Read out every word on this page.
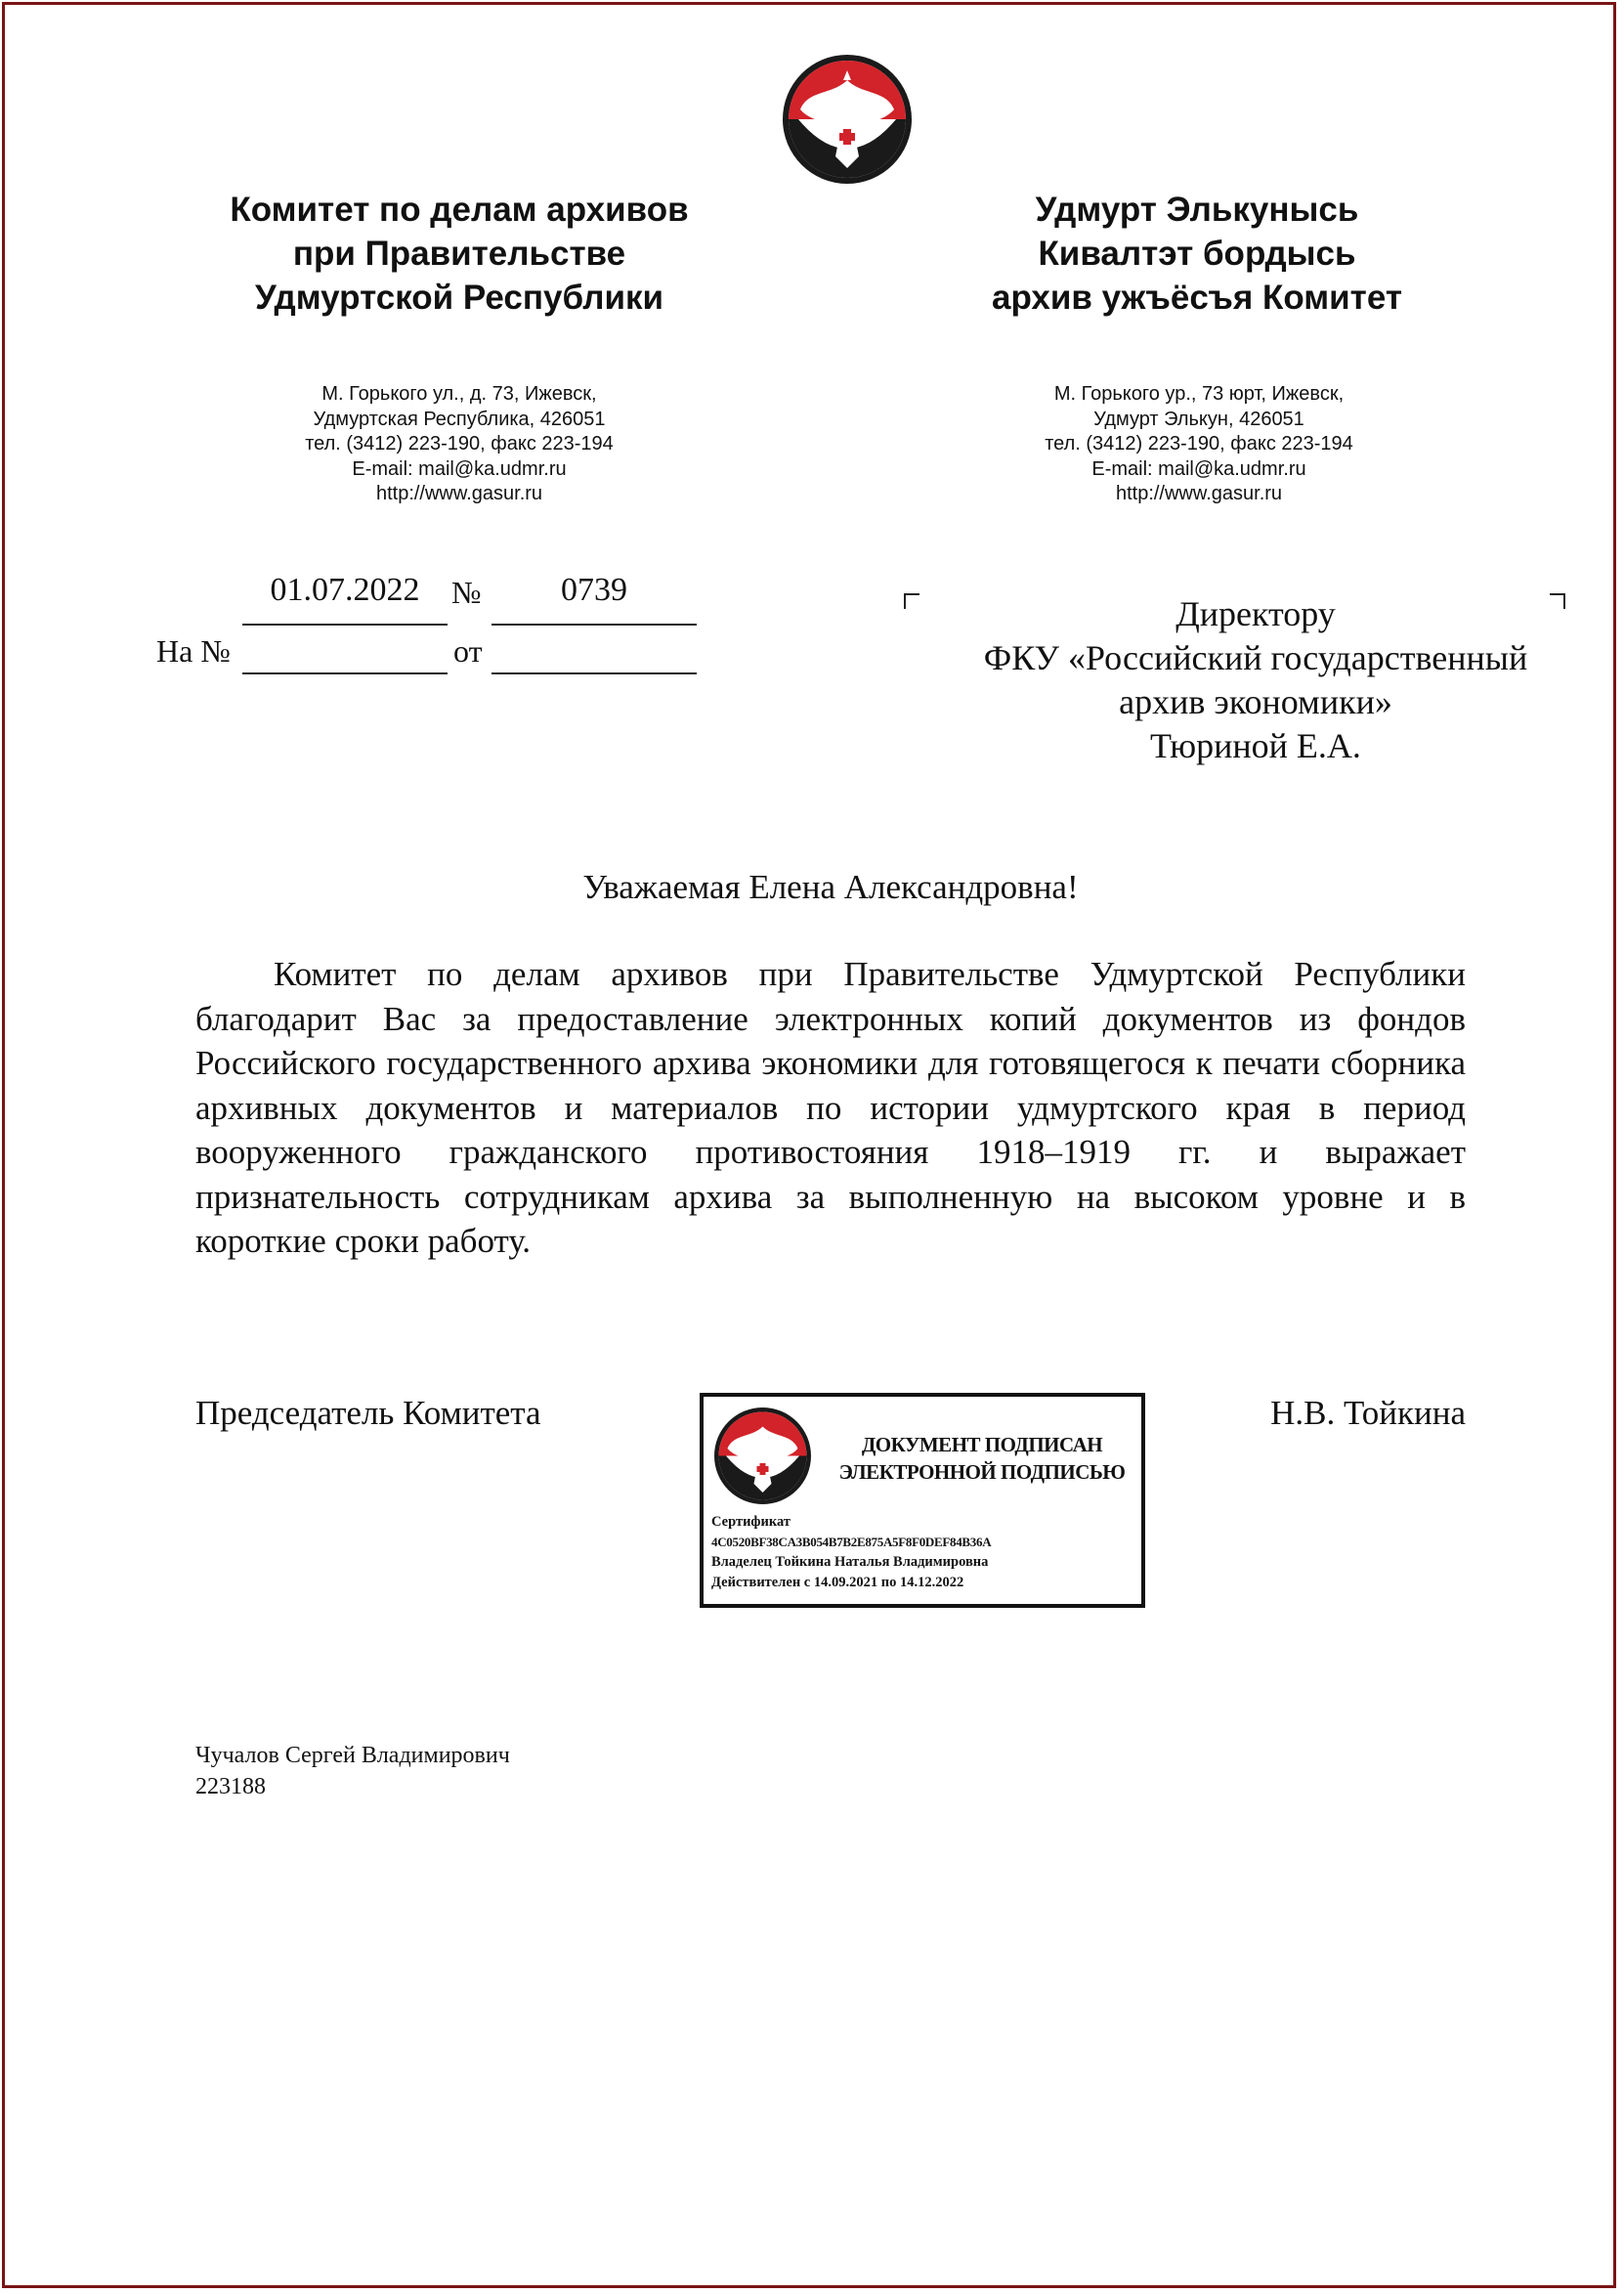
Комитет по делам архивов
при Правительстве
Удмуртской Республики
Удмурт Элькунысь
Кивалтэт бордысь
архив ужъёсъя Комитет
М. Горького ул., д. 73, Ижевск,
Удмуртская Республика, 426051
тел. (3412) 223-190, факс 223-194
E-mail: mail@ka.udmr.ru
http://www.gasur.ru
М. Горького ур., 73 юрт, Ижевск,
Удмурт Элькун, 426051
тел. (3412) 223-190, факс 223-194
E-mail: mail@ka.udmr.ru
http://www.gasur.ru
01.07.2022	№	0739
На №	от
Директору
ФКУ «Российский государственный
архив экономики»
Тюриной Е.А.
Уважаемая Елена Александровна!
Комитет по делам архивов при Правительстве Удмуртской Республики благодарит Вас за предоставление электронных копий документов из фондов Российского государственного архива экономики для готовящегося к печати сборника архивных документов и материалов по истории удмуртского края в период вооруженного гражданского противостояния 1918–1919 гг. и выражает признательность сотрудникам архива за выполненную на высоком уровне и в короткие сроки работу.
Председатель Комитета	Н.В. Тойкина
ДОКУМЕНТ ПОДПИСАН
ЭЛЕКТРОННОЙ ПОДПИСЬЮ
Сертификат
4C0520BF38CA3B054B7B2E875A5F8F0DEF84B36A
Владелец Тойкина Наталья Владимировна
Действителен с 14.09.2021 по 14.12.2022
Чучалов Сергей Владимирович
223188
